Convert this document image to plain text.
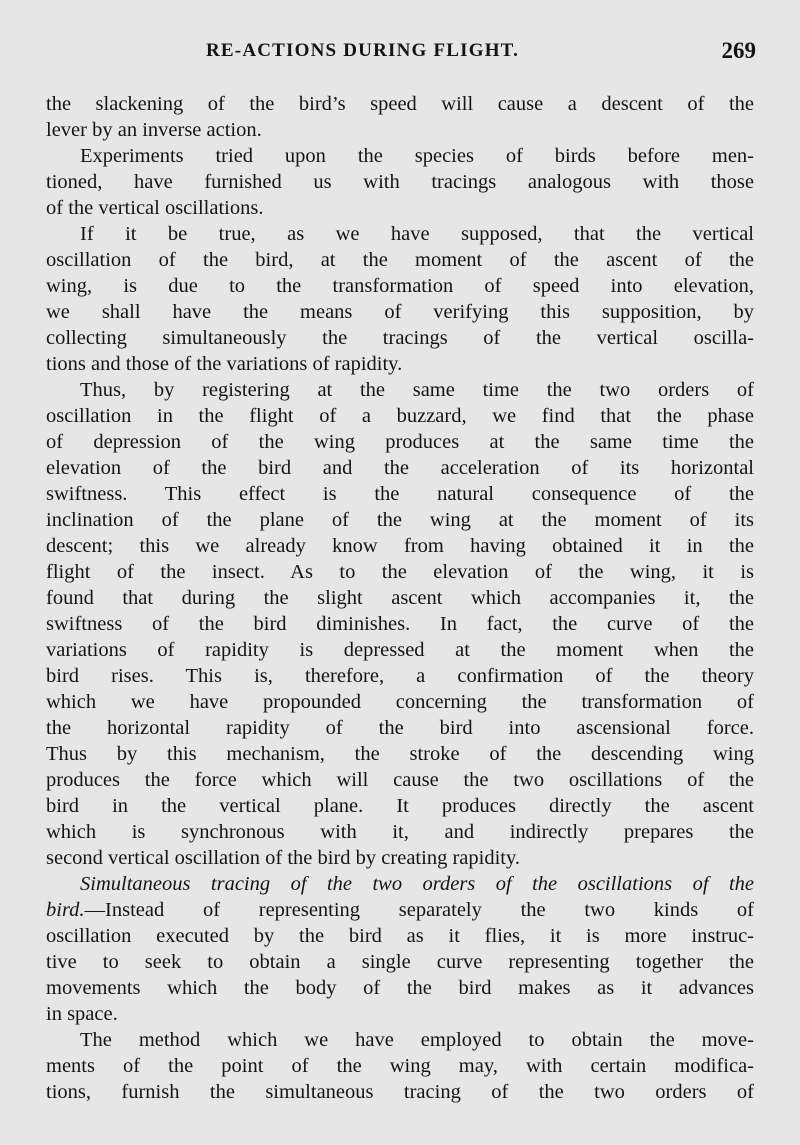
RE-ACTIONS DURING FLIGHT.	269
the slackening of the bird’s speed will cause a descent of the
lever by an inverse action.
Experiments tried upon the species of birds before men-
tioned, have furnished us with tracings analogous with those
of the vertical oscillations.
If it be true, as we have supposed, that the vertical
oscillation of the bird, at the moment of the ascent of the
wing, is due to the transformation of speed into elevation,
we shall have the means of verifying this supposition, by
collecting simultaneously the tracings of the vertical oscilla-
tions and those of the variations of rapidity.
Thus, by registering at the same time the two orders of
oscillation in the flight of a buzzard, we find that the phase
of depression of the wing produces at the same time the
elevation of the bird and the acceleration of its horizontal
swiftness. This effect is the natural consequence of the
inclination of the plane of the wing at the moment of its
descent; this we already know from having obtained it in the
flight of the insect. As to the elevation of the wing, it is
found that during the slight ascent which accompanies it, the
swiftness of the bird diminishes. In fact, the curve of the
variations of rapidity is depressed at the moment when the
bird rises. This is, therefore, a confirmation of the theory
which we have propounded concerning the transformation of
the horizontal rapidity of the bird into ascensional force.
Thus by this mechanism, the stroke of the descending wing
produces the force which will cause the two oscillations of the
bird in the vertical plane. It produces directly the ascent
which is synchronous with it, and indirectly prepares the
second vertical oscillation of the bird by creating rapidity.
Simultaneous tracing of the two orders of the oscillations of the
bird.—Instead of representing separately the two kinds of
oscillation executed by the bird as it flies, it is more instruc-
tive to seek to obtain a single curve representing together the
movements which the body of the bird makes as it advances
in space.
The method which we have employed to obtain the move-
ments of the point of the wing may, with certain modifica-
tions, furnish the simultaneous tracing of the two orders of
